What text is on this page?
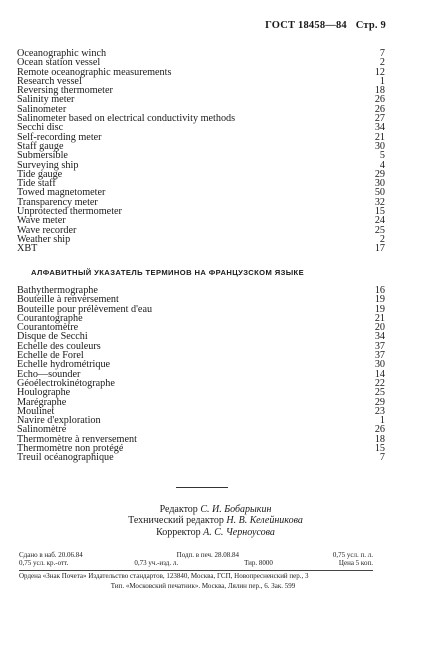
ГОСТ 18458—84 Стр. 9
Oceanographic winch	7
Ocean station vessel	2
Remote oceanographic measurements	12
Research vessel	1
Reversing thermometer	18
Salinity meter	26
Salinometer	26
Salinometer based on electrical conductivity methods	27
Secchi disc	34
Self-recording meter	21
Staff gauge	30
Submersible	5
Surveying ship	4
Tide gauge	29
Tide staff	30
Towed magnetometer	50
Transparency meter	32
Unprotected thermometer	15
Wave meter	24
Wave recorder	25
Weather ship	2
XBT	17
АЛФАВИТНЫЙ УКАЗАТЕЛЬ ТЕРМИНОВ НА ФРАНЦУЗСКОМ ЯЗЫКЕ
Bathythermographe	16
Bouteille à renversement	19
Bouteille pour prélèvement d'eau	19
Courantographe	21
Courantomètre	20
Disque de Secchi	34
Echelle des couleurs	37
Echelle de Forel	37
Echelle hydrométrique	30
Echo—sounder	14
Géoélectrokinétographe	22
Houlographe	25
Marégraphe	29
Moulinet	23
Navire d'exploration	1
Salinomètre	26
Thermomètre à renversement	18
Thermomètre non protégé	15
Treuil océanographique	7
Редактор С. И. Бобарыкин
Технический редактор Н. В. Келейникова
Корректор А. С. Черноусова
Сдано в наб. 20.06.84	Подп. в печ. 28.08.84	0,75 усл. п. л.
0,75 усл. кр.-отт.	0,73 уч.-изд. л.	Тир. 8000	Цена 5 коп.
Ордена «Знак Почета» Издательство стандартов, 123840, Москва, ГСП, Новопресненский пер., 3
Тип. «Московский печатник». Москва, Лялин пер., 6. Зак. 599
